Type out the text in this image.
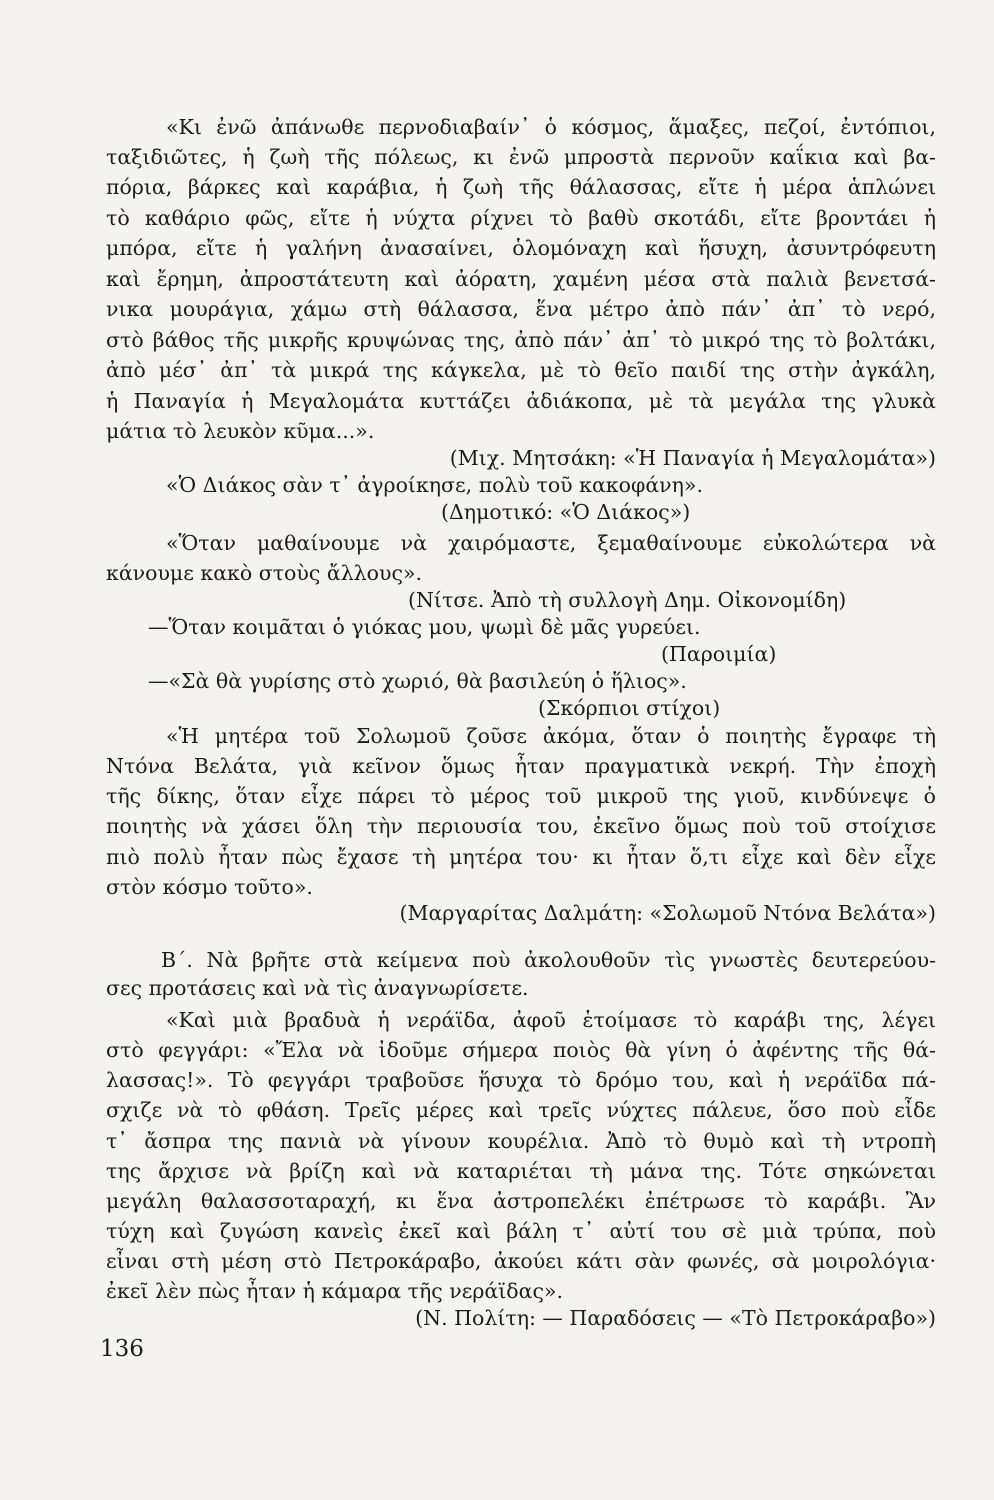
«Κι ἐνῶ ἀπάνωθε περνοδιαβαίν᾽ ὁ κόσμος, ἅμαξες, πεζοί, ἐντόπιοι,
ταξιδιῶτες, ἡ ζωὴ τῆς πόλεως, κι ἐνῶ μπροστὰ περνοῦν καΐκια καὶ βα-
πόρια, βάρκες καὶ καράβια, ἡ ζωὴ τῆς θάλασσας, εἴτε ἡ μέρα ἁπλώνει
τὸ καθάριο φῶς, εἴτε ἡ νύχτα ρίχνει τὸ βαθὺ σκοτάδι, εἴτε βροντάει ἡ
μπόρα, εἴτε ἡ γαλήνη ἀνασαίνει, ὁλομόναχη καὶ ἥσυχη, ἀσυντρόφευτη
καὶ ἔρημη, ἀπροστάτευτη καὶ ἀόρατη, χαμένη μέσα στὰ παλιὰ βενετσά-
νικα μουράγια, χάμω στὴ θάλασσα, ἕνα μέτρο ἀπὸ πάν᾽ ἀπ᾽ τὸ νερό,
στὸ βάθος τῆς μικρῆς κρυψώνας της, ἀπὸ πάν᾽ ἀπ᾽ τὸ μικρό της τὸ βολτάκι,
ἀπὸ μέσ᾽ ἀπ᾽ τὰ μικρά της κάγκελα, μὲ τὸ θεῖο παιδί της στὴν ἀγκάλη,
ἡ Παναγία ἡ Μεγαλομάτα κυττάζει ἀδιάκοπα, μὲ τὰ μεγάλα της γλυκὰ
μάτια τὸ λευκὸν κῦμα...».
(Μιχ. Μητσάκη: «Ἡ Παναγία ἡ Μεγαλομάτα»)
«Ὁ Διάκος σὰν τ᾽ ἀγροίκησε, πολὺ τοῦ κακοφάνη».
(Δημοτικό: «Ὁ Διάκος»)
«Ὅταν μαθαίνουμε νὰ χαιρόμαστε, ξεμαθαίνουμε εὐκολώτερα νὰ
κάνουμε κακὸ στοὺς ἄλλους».
(Νίτσε. Ἀπὸ τὴ συλλογὴ Δημ. Οἰκονομίδη)
—Ὅταν κοιμᾶται ὁ γιόκας μου, ψωμὶ δὲ μᾶς γυρεύει.
(Παροιμία)
—«Σὰ θὰ γυρίσης στὸ χωριό, θὰ βασιλεύη ὁ ἥλιος».
(Σκόρπιοι στίχοι)
«Ἡ μητέρα τοῦ Σολωμοῦ ζοῦσε ἀκόμα, ὅταν ὁ ποιητὴς ἔγραφε τὴ
Ντόνα Βελάτα, γιὰ κεῖνον ὅμως ἦταν πραγματικὰ νεκρή. Τὴν ἐποχὴ
τῆς δίκης, ὅταν εἶχε πάρει τὸ μέρος τοῦ μικροῦ της γιοῦ, κινδύνεψε ὁ
ποιητὴς νὰ χάσει ὅλη τὴν περιουσία του, ἐκεῖνο ὅμως ποὺ τοῦ στοίχισε
πιὸ πολὺ ἦταν πὼς ἔχασε τὴ μητέρα του· κι ἦταν ὅ,τι εἶχε καὶ δὲν εἶχε
στὸν κόσμο τοῦτο».
(Μαργαρίτας Δαλμάτη: «Σολωμοῦ Ντόνα Βελάτα»)
Β΄. Νὰ βρῆτε στὰ κείμενα ποὺ ἀκολουθοῦν τὶς γνωστὲς δευτερεύου-
σες προτάσεις καὶ νὰ τὶς ἀναγνωρίσετε.
«Καὶ μιὰ βραδυὰ ἡ νεράϊδα, ἀφοῦ ἑτοίμασε τὸ καράβι της, λέγει
στὸ φεγγάρι: «Ἔλα νὰ ἰδοῦμε σήμερα ποιὸς θὰ γίνη ὁ ἀφέντης τῆς θά-
λασσας!». Τὸ φεγγάρι τραβοῦσε ἥσυχα τὸ δρόμο του, καὶ ἡ νεράϊδα πά-
σχιζε νὰ τὸ φθάση. Τρεῖς μέρες καὶ τρεῖς νύχτες πάλευε, ὅσο ποὺ εἶδε
τ᾽ ἄσπρα της πανιὰ νὰ γίνουν κουρέλια. Ἀπὸ τὸ θυμὸ καὶ τὴ ντροπὴ
της ἄρχισε νὰ βρίζη καὶ νὰ καταριέται τὴ μάνα της. Τότε σηκώνεται
μεγάλη θαλασσοταραχή, κι ἕνα ἀστροπελέκι ἐπέτρωσε τὸ καράβι. Ἂν
τύχη καὶ ζυγώση κανεὶς ἐκεῖ καὶ βάλη τ᾽ αὐτί του σὲ μιὰ τρύπα, ποὺ
εἶναι στὴ μέση στὸ Πετροκάραβο, ἀκούει κάτι σὰν φωνές, σὰ μοιρολόγια·
ἐκεῖ λὲν πὼς ἦταν ἡ κάμαρα τῆς νεράϊδας».
(Ν. Πολίτη: — Παραδόσεις — «Τὸ Πετροκάραβο»)
136
